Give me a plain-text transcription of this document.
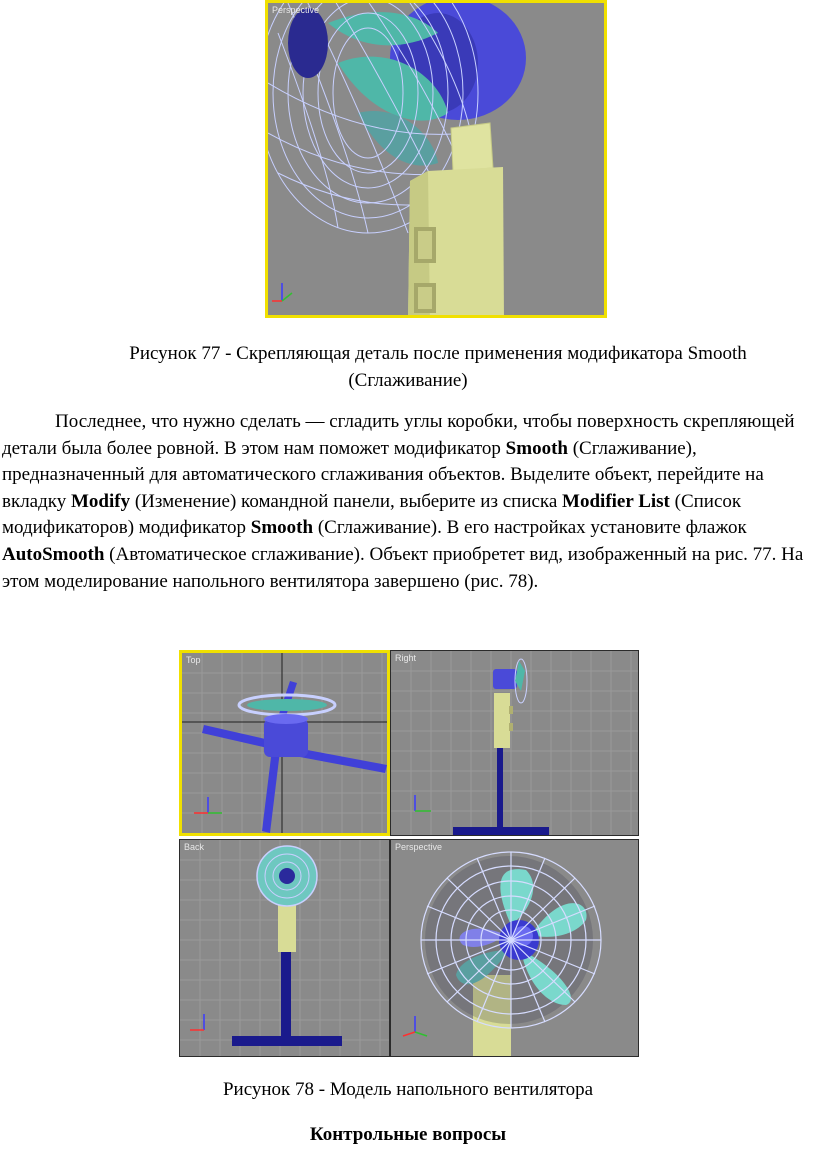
Perspective
Рисунок 77 - Скрепляющая деталь после применения модификатора Smooth
(Сглаживание)
Последнее, что нужно сделать — сгладить углы коробки, чтобы поверхность скрепляющей детали была более ровной. В этом нам поможет модификатор Smooth (Сглаживание), предназначенный для автоматического сглаживания объектов. Выделите объект, перейдите на вкладку Modify (Изменение) командной панели, выберите из списка Modifier List (Список модификаторов) модификатор Smooth (Сглаживание). В его настройках установите флажок AutoSmooth (Автоматическое сглаживание). Объект приобретет вид, изображенный на рис. 77. На этом моделирование напольного вентилятора завершено (рис. 78).
Top	Right
Back	Perspective
Рисунок 78 - Модель напольного вентилятора
Контрольные вопросы
